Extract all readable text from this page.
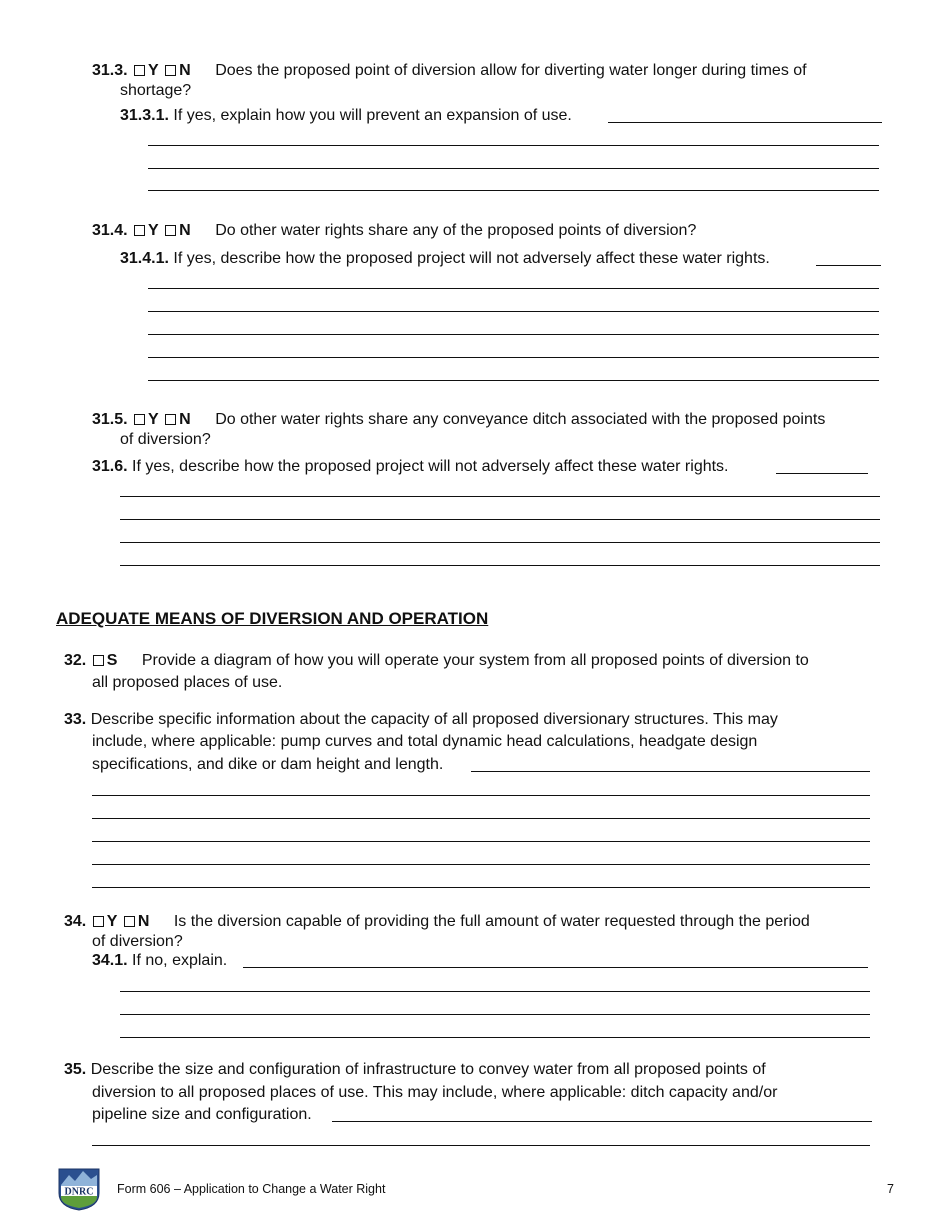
31.3. Y N Does the proposed point of diversion allow for diverting water longer during times of
shortage?
31.3.1. If yes, explain how you will prevent an expansion of use.
31.4. Y N Do other water rights share any of the proposed points of diversion?
31.4.1. If yes, describe how the proposed project will not adversely affect these water rights.
31.5. Y N Do other water rights share any conveyance ditch associated with the proposed points
of diversion?
31.6. If yes, describe how the proposed project will not adversely affect these water rights.
ADEQUATE MEANS OF DIVERSION AND OPERATION
32. S Provide a diagram of how you will operate your system from all proposed points of diversion to
all proposed places of use.
33. Describe specific information about the capacity of all proposed diversionary structures. This may
include, where applicable: pump curves and total dynamic head calculations, headgate design
specifications, and dike or dam height and length.
34. Y N Is the diversion capable of providing the full amount of water requested through the period
of diversion?
34.1. If no, explain.
35. Describe the size and configuration of infrastructure to convey water from all proposed points of
diversion to all proposed places of use. This may include, where applicable: ditch capacity and/or
pipeline size and configuration.
DNRC Form 606 – Application to Change a Water Right	7
